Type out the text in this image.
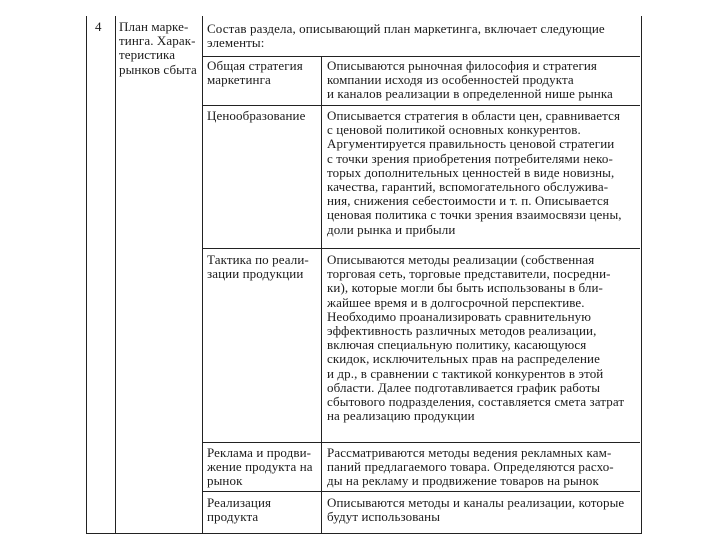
4 План марке-
тинга. Харак-
теристика
рынков сбыта
Состав раздела, описывающий план маркетинга, включает следующие
элементы:
Общая стратегия
маркетинга
Описываются рыночная философия и стратегия
компании исходя из особенностей продукта
и каналов реализации в определенной нише рынка
Ценообразование Описывается стратегия в области цен, сравнивается
с ценовой политикой основных конкурентов.
Аргументируется правильность ценовой стратегии
с точки зрения приобретения потребителями неко-
торых дополнительных ценностей в виде новизны,
качества, гарантий, вспомогательного обслужива-
ния, снижения себестоимости и т. п. Описывается
ценовая политика с точки зрения взаимосвязи цены,
доли рынка и прибыли
Тактика по реали-
зации продукции
Описываются методы реализации (собственная
торговая сеть, торговые представители, посредни-
ки), которые могли бы быть использованы в бли-
жайшее время и в долгосрочной перспективе.
Необходимо проанализировать сравнительную
эффективность различных методов реализации,
включая специальную политику, касающуюся
скидок, исключительных прав на распределение
и др., в сравнении с тактикой конкурентов в этой
области. Далее подготавливается график работы
сбытового подразделения, составляется смета затрат
на реализацию продукции
Реклама и продви-
жение продукта на
рынок
Рассматриваются методы ведения рекламных кам-
паний предлагаемого товара. Определяются расхо-
ды на рекламу и продвижение товаров на рынок
Реализация
продукта
Описываются методы и каналы реализации, которые
будут использованы
